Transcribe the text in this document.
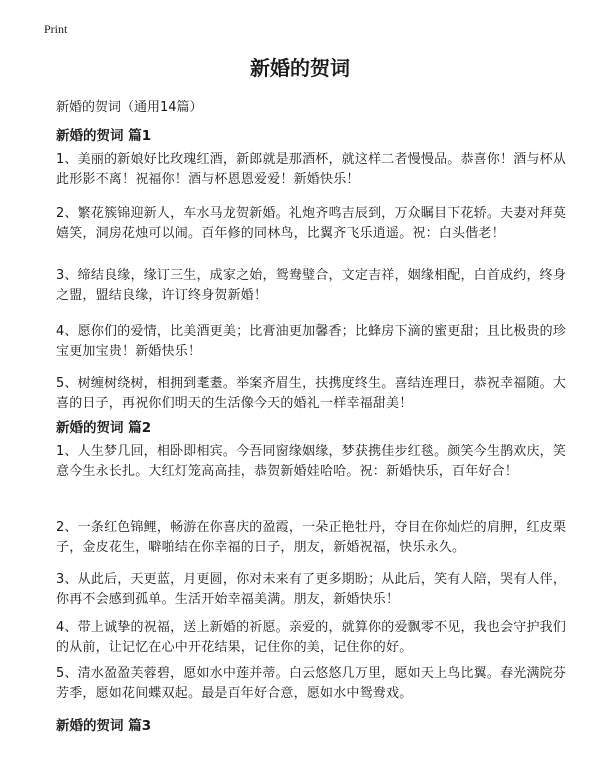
Print
新婚的贺词
新婚的贺词（通用14篇）
新婚的贺词 篇1

1、美丽的新娘好比玫瑰红酒，新郎就是那酒杯，就这样二者慢慢品。恭喜你！酒与杯从此形影不离！祝福你！酒与杯恩恩爱爱！新婚快乐！

2、繁花簇锦迎新人，车水马龙贺新婚。礼炮齐鸣吉辰到，万众瞩目下花轿。夫妻对拜莫嬉笑，洞房花烛可以闹。百年修的同林鸟，比翼齐飞乐逍遥。祝：白头偕老！

3、缔结良缘，缘订三生，成家之始，鸳鸯璧合，文定吉祥，姻缘相配，白首成约，终身之盟，盟结良缘，许订终身贺新婚！

4、愿你们的爱情，比美酒更美；比膏油更加馨香；比蜂房下滴的蜜更甜；且比极贵的珍宝更加宝贵！新婚快乐！

5、树缠树绕树，相拥到耄耋。举案齐眉生，扶携度终生。喜结连理日，恭祝幸福随。大喜的日子，再祝你们明天的生活像今天的婚礼一样幸福甜美！

新婚的贺词 篇2

1、人生梦几回，相卧即相宾。今吾同窗缘姻缘，梦获携佳步红毯。颜笑今生鹊欢庆，笑意今生永长扎。大红灯笼高高挂，恭贺新婚娃哈哈。祝：新婚快乐，百年好合！

2、一条红色锦鲤，畅游在你喜庆的盈霞，一朵正艳牡丹，夺目在你灿烂的肩胛，红皮栗子，金皮花生，噼啪结在你幸福的日子，朋友，新婚祝福，快乐永久。

3、从此后，天更蓝，月更圆，你对未来有了更多期盼；从此后，笑有人陪，哭有人伴，你再不会感到孤单。生活开始幸福美满。朋友，新婚快乐！

4、带上诚挚的祝福，送上新婚的祈愿。亲爱的，就算你的爱飘零不见，我也会守护我们的从前，让记忆在心中开花结果，记住你的美，记住你的好。

5、清水盈盈芙蓉碧，愿如水中莲并蒂。白云悠悠几万里，愿如天上鸟比翼。春光满院芬芳季，愿如花间蝶双起。最是百年好合意，愿如水中鸳鸯戏。

新婚的贺词 篇3
